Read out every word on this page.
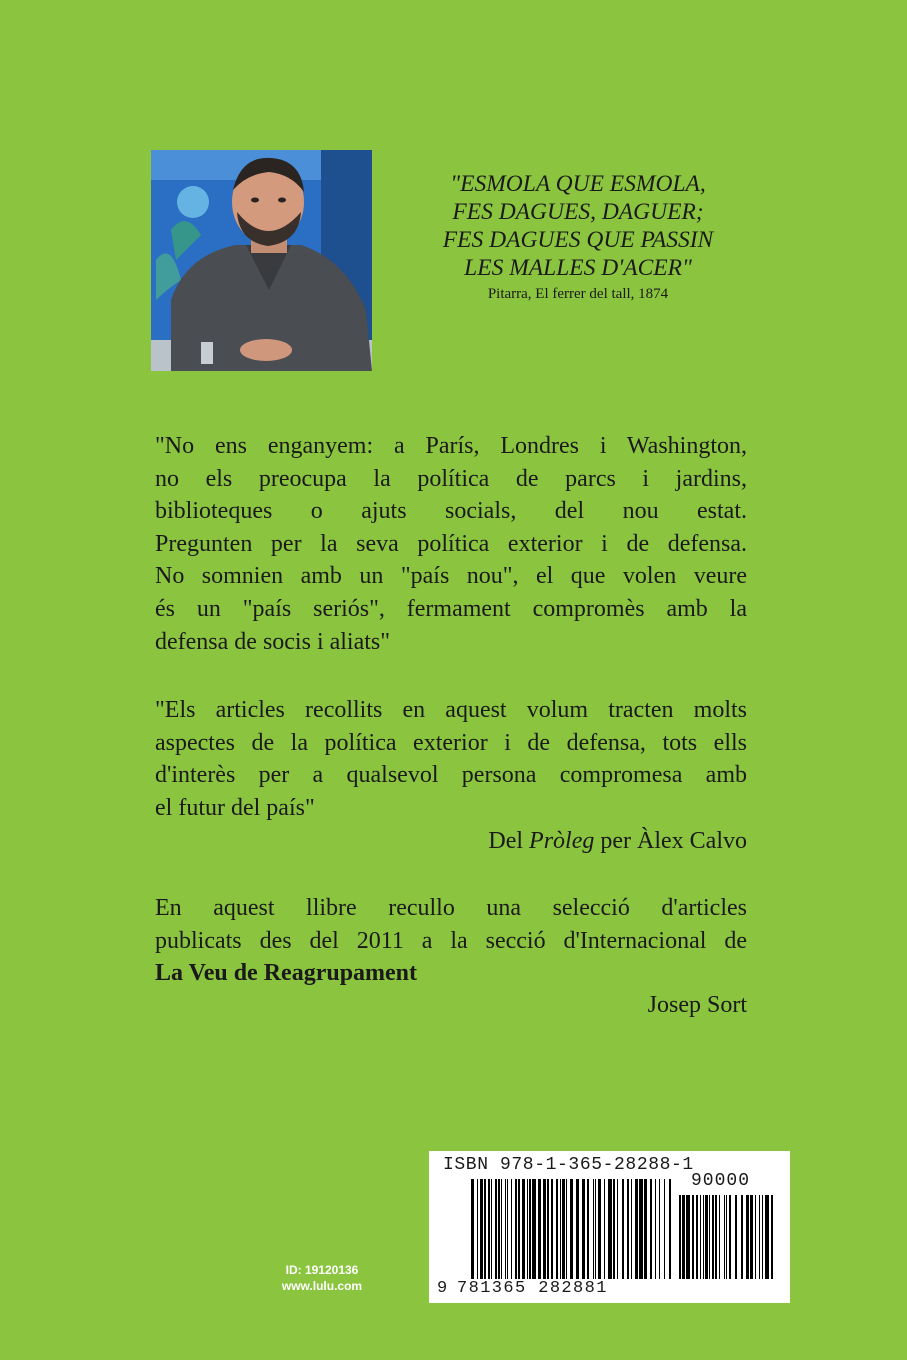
"ESMOLA QUE ESMOLA,
FES DAGUES, DAGUER;
FES DAGUES QUE PASSIN
LES MALLES D'ACER"
Pitarra, El ferrer del tall, 1874
"No ens enganyem: a París, Londres i Washington,
no els preocupa la política de parcs i jardins,
biblioteques o ajuts socials, del nou estat.
Pregunten per la seva política exterior i de defensa.
No somnien amb un "país nou", el que volen veure
és un "país seriós", fermament compromès amb la
defensa de socis i aliats"
"Els articles recollits en aquest volum tracten molts
aspectes de la política exterior i de defensa, tots ells
d'interès per a qualsevol persona compromesa amb
el futur del país"
Del Pròleg per Àlex Calvo
En aquest llibre recullo una selecció d'articles
publicats des del 2011 a la secció d'Internacional de
La Veu de Reagrupament
Josep Sort
ID: 19120136
www.lulu.com
ISBN 978-1-365-28288-1
90000
9 781365 282881
